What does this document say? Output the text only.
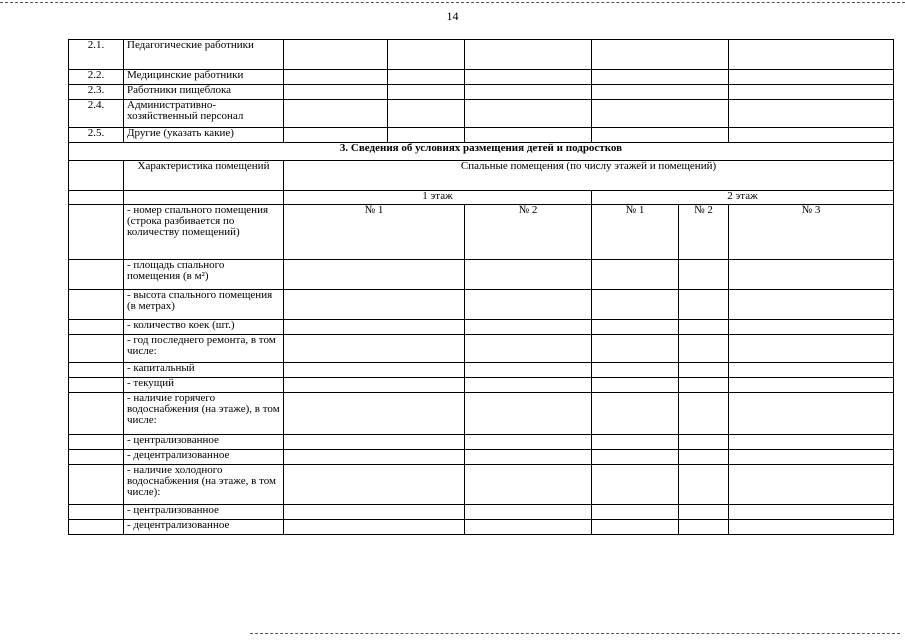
14
2.1.	Педагогические работники						
2.2.	Медицинские работники						
2.3.	Работники пищеблока						
2.4.	Административно-хозяйственный персонал						
2.5.	Другие (указать какие)						
3. Сведения об условиях размещения детей и подростков							
	Характеристика помещений	Спальные помещения (по числу этажей и помещений)					
		1 этаж			2 этаж		
	- номер спального помещения (строка разбивается по количеству помещений)	№ 1		№ 2	№ 1	№ 2	№ 3
	- площадь спального помещения (в м²)						
	- высота спального помещения (в метрах)						
	- количество коек (шт.)						
	- год последнего ремонта, в том числе:						
	- капитальный						
	- текущий						
	- наличие горячего водоснабжения (на этаже), в том числе:						
	- централизованное						
	- децентрализованное						
	- наличие холодного водоснабжения (на этаже, в том числе):						
	- централизованное						
	- децентрализованное						
